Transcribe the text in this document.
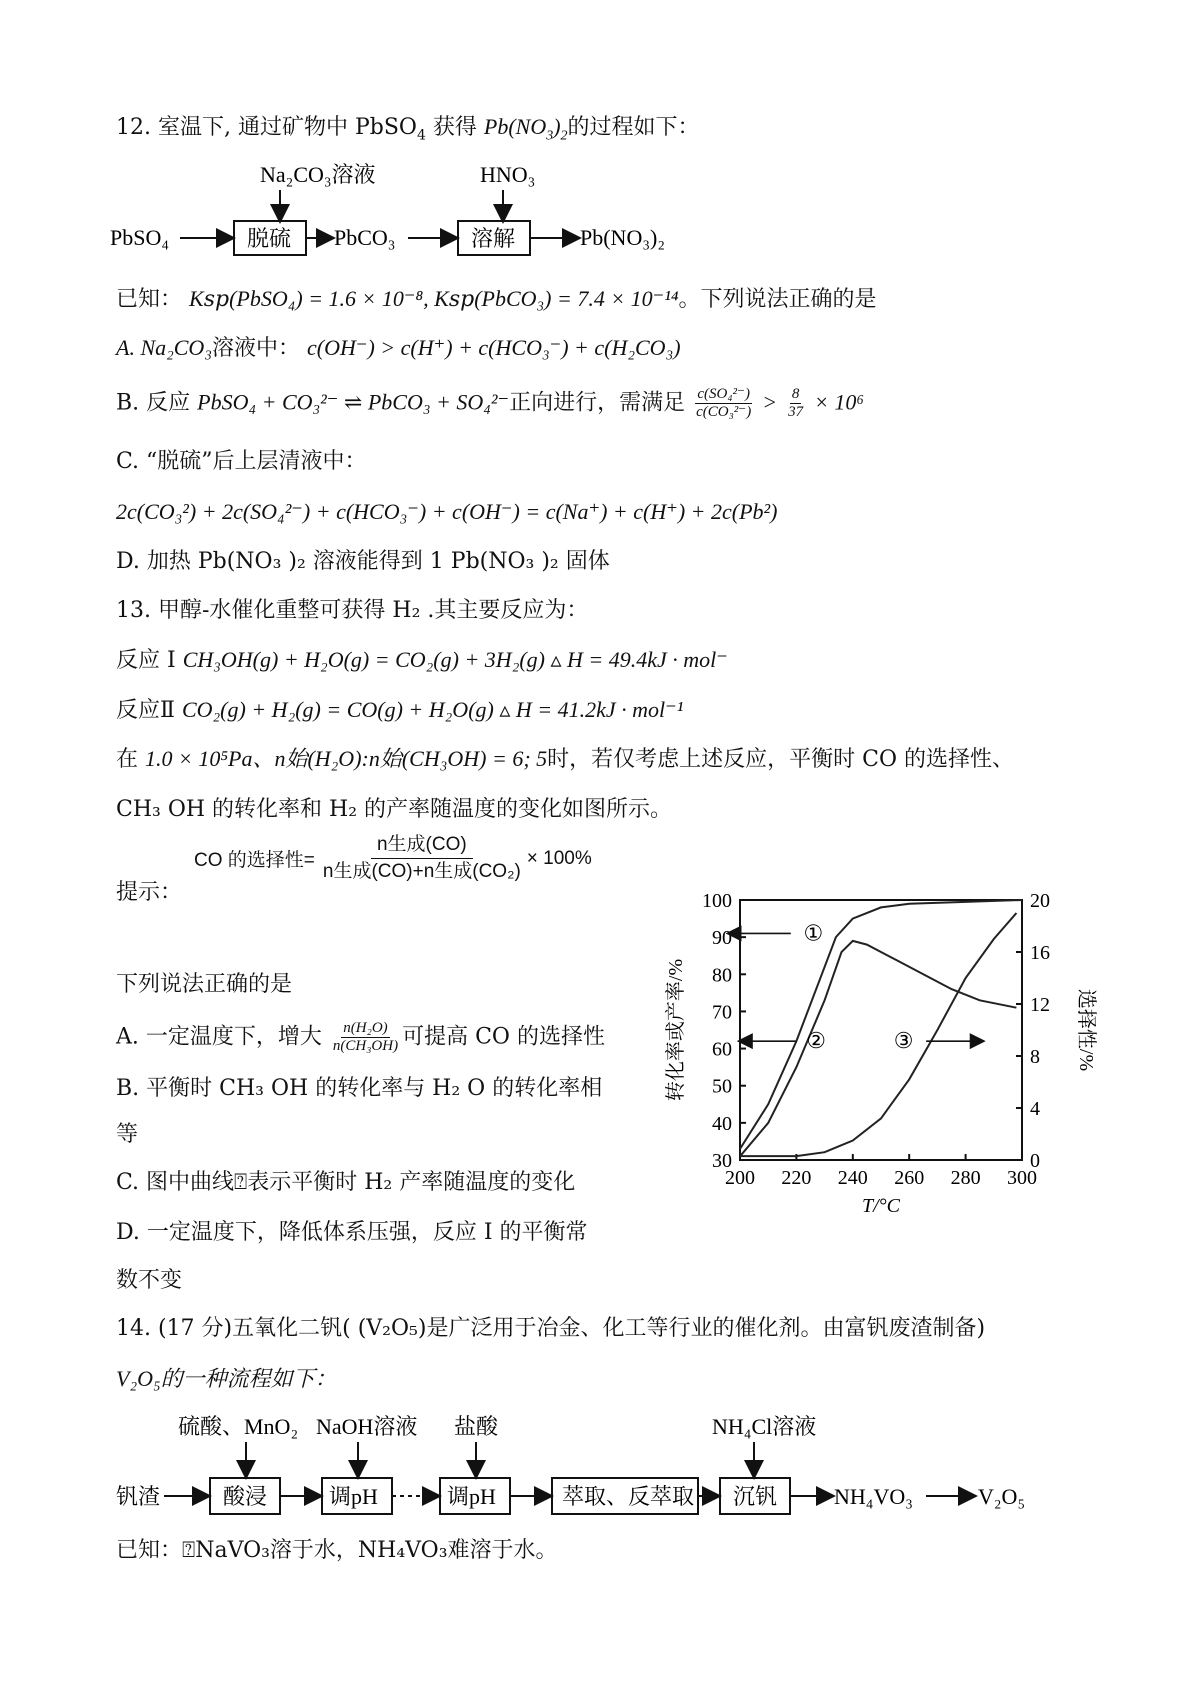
12. 室温下, 通过矿物中 PbSO$_4$ 获得 $Pb(NO_3)_2$的过程如下：
Na₂CO₃溶液	HNO₃
PbSO₄	脱硫 PbCO₃	溶解	Pb(NO₃)₂
已知： K𝑠𝑝(PbSO₄) = 1.6 × 10⁻⁸, K𝑠𝑝(PbCO₃) = 7.4 × 10⁻¹⁴。下列说法正确的是
A. Na₂CO₃溶液中： c(OH⁻) > c(H⁺) + c(HCO₃⁻) + c(H₂CO₃)
B. 反应 PbSO₄ + CO₃²⁻ ⇌ PbCO₃ + SO₄²⁻正向进行，需满足 $\frac{\text{c(SO₄²⁻)}}{\text{c(CO₃²⁻)}} > \frac{8}{37} \times 10^6$
C. “脱硫”后上层清液中：
2c(CO₃²) + 2c(SO₄²⁻) + c(HCO₃⁻) + c(OH⁻) = c(Na⁺) + c(H⁺) + 2c(Pb²)
D. 加热 Pb(NO₃ )₂ 溶液能得到 1 Pb(NO₃ )₂ 固体
13. 甲醇-水催化重整可获得 H₂ .其主要反应为：
反应 I CH₃OH(g) + H₂O(g) = CO₂(g) + 3H₂(g) ▵ H = 49.4kJ · mol⁻
反应Ⅱ CO₂(g) + H₂(g) = CO(g) + H₂O(g) ▵ H = 41.2kJ · mol⁻¹
在 1.0 × 10⁵Pa、n始(H₂O):n始(CH₃OH) = 6; 5时，若仅考虑上述反应，平衡时 CO 的选择性、
CH₃ OH 的转化率和 H₂ 的产率随温度的变化如图所示。
提示：
CO 的选择性= $\frac{\text{n生成(CO)}}{\text{n生成(CO)+n生成(CO₂)}} \times 100\%$
下列说法正确的是
A. 一定温度下，增大 $\frac{\text{n(H₂O)}}{\text{n(CH₃OH)}}$ 可提高 CO 的选择性
B. 平衡时 CH₃ OH 的转化率与 H₂ O 的转化率相
等
C. 图中曲线⍰表示平衡时 H₂ 产率随温度的变化
D. 一定温度下，降低体系压强，反应 I 的平衡常
数不变
200 220 240 260 280 300
30
40
50
60
70
80
90
100
0
4
8
12
16
20
T/°C
转化率或产率/%	选择性/%
①
②	③
14. (17 分)五氧化二钒( (V₂O₅)是广泛用于冶金、化工等行业的催化剂。由富钒废渣制备)
V₂O₅的一种流程如下：
硫酸、MnO₂ NaOH溶液 盐酸	NH₄Cl溶液
钒渣	酸浸	调pH	调pH	萃取、反萃取 沉钒	NH₄VO₃	V₂O₅
已知：⍰NaVO₃溶于水，NH₄VO₃难溶于水。
